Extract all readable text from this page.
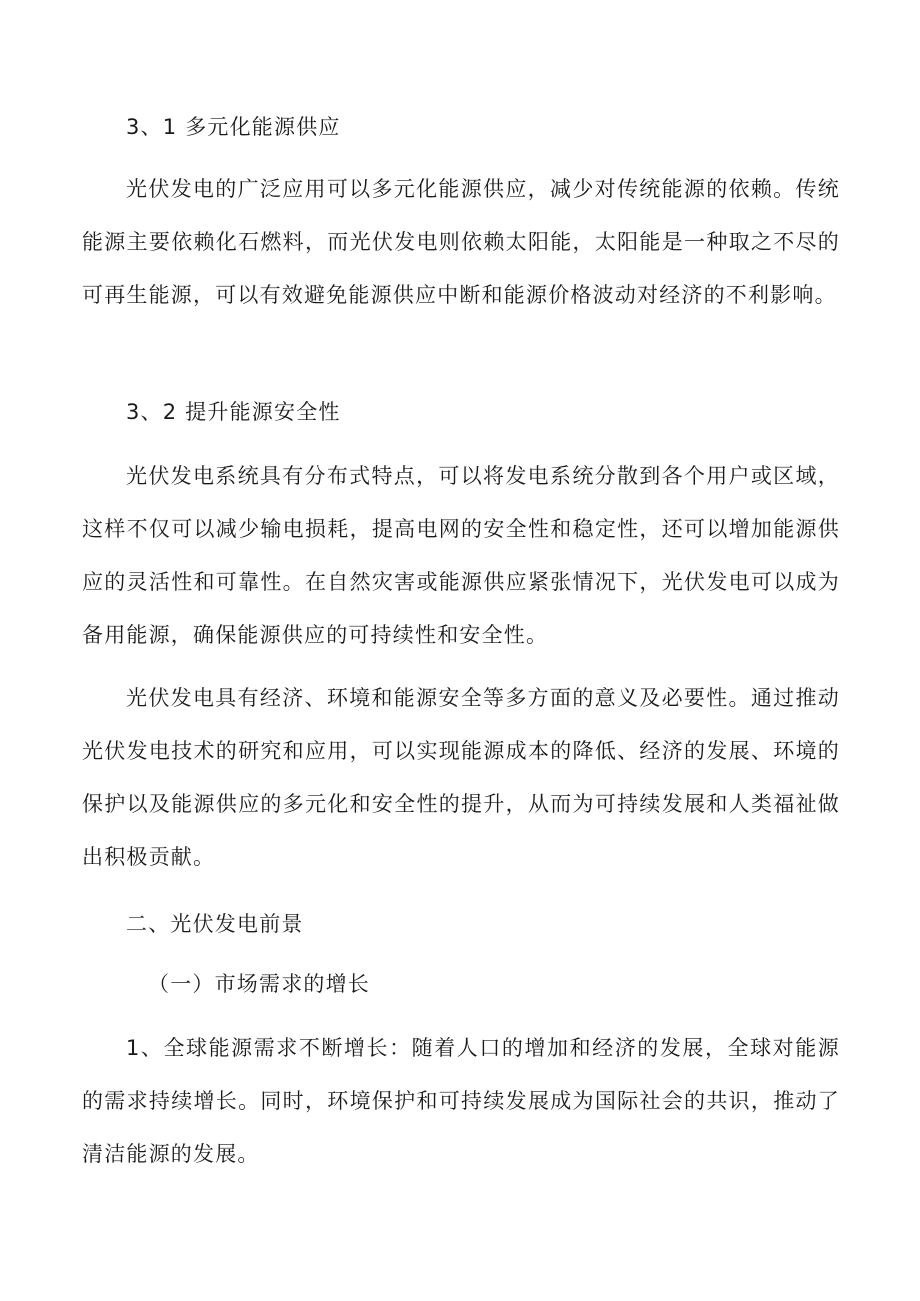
3、1 多元化能源供应

光伏发电的广泛应用可以多元化能源供应，减少对传统能源的依赖。传统能源主要依赖化石燃料，而光伏发电则依赖太阳能，太阳能是一种取之不尽的可再生能源，可以有效避免能源供应中断和能源价格波动对经济的不利影响。

3、2 提升能源安全性

光伏发电系统具有分布式特点，可以将发电系统分散到各个用户或区域，这样不仅可以减少输电损耗，提高电网的安全性和稳定性，还可以增加能源供应的灵活性和可靠性。在自然灾害或能源供应紧张情况下，光伏发电可以成为备用能源，确保能源供应的可持续性和安全性。

光伏发电具有经济、环境和能源安全等多方面的意义及必要性。通过推动光伏发电技术的研究和应用，可以实现能源成本的降低、经济的发展、环境的保护以及能源供应的多元化和安全性的提升，从而为可持续发展和人类福祉做出积极贡献。

二、光伏发电前景

（一）市场需求的增长

1、全球能源需求不断增长：随着人口的增加和经济的发展，全球对能源的需求持续增长。同时，环境保护和可持续发展成为国际社会的共识，推动了清洁能源的发展。
